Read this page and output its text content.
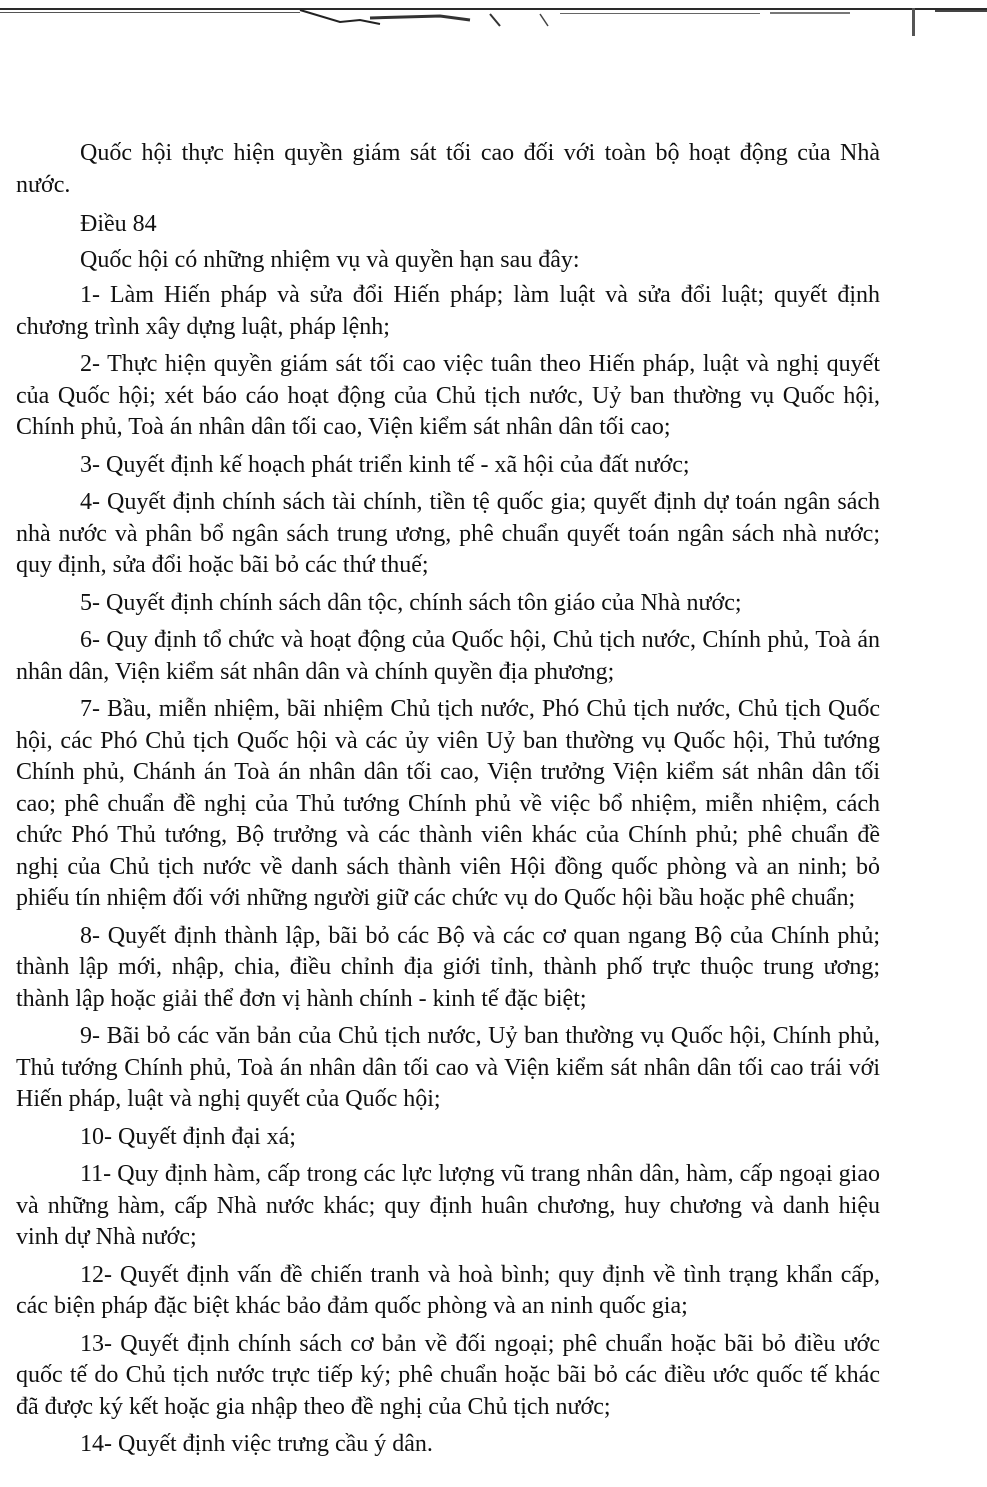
Quốc hội thực hiện quyền giám sát tối cao đối với toàn bộ hoạt động của Nhà nước.

Điều 84

Quốc hội có những nhiệm vụ và quyền hạn sau đây:

1- Làm Hiến pháp và sửa đổi Hiến pháp; làm luật và sửa đổi luật; quyết định chương trình xây dựng luật, pháp lệnh;

2- Thực hiện quyền giám sát tối cao việc tuân theo Hiến pháp, luật và nghị quyết của Quốc hội; xét báo cáo hoạt động của Chủ tịch nước, Uỷ ban thường vụ Quốc hội, Chính phủ, Toà án nhân dân tối cao, Viện kiểm sát nhân dân tối cao;

3- Quyết định kế hoạch phát triển kinh tế - xã hội của đất nước;

4- Quyết định chính sách tài chính, tiền tệ quốc gia; quyết định dự toán ngân sách nhà nước và phân bổ ngân sách trung ương, phê chuẩn quyết toán ngân sách nhà nước; quy định, sửa đổi hoặc bãi bỏ các thứ thuế;

5- Quyết định chính sách dân tộc, chính sách tôn giáo của Nhà nước;

6- Quy định tổ chức và hoạt động của Quốc hội, Chủ tịch nước, Chính phủ, Toà án nhân dân, Viện kiểm sát nhân dân và chính quyền địa phương;

7- Bầu, miễn nhiệm, bãi nhiệm Chủ tịch nước, Phó Chủ tịch nước, Chủ tịch Quốc hội, các Phó Chủ tịch Quốc hội và các ủy viên Uỷ ban thường vụ Quốc hội, Thủ tướng Chính phủ, Chánh án Toà án nhân dân tối cao, Viện trưởng Viện kiểm sát nhân dân tối cao; phê chuẩn đề nghị của Thủ tướng Chính phủ về việc bổ nhiệm, miễn nhiệm, cách chức Phó Thủ tướng, Bộ trưởng và các thành viên khác của Chính phủ; phê chuẩn đề nghị của Chủ tịch nước về danh sách thành viên Hội đồng quốc phòng và an ninh; bỏ phiếu tín nhiệm đối với những người giữ các chức vụ do Quốc hội bầu hoặc phê chuẩn;

8- Quyết định thành lập, bãi bỏ các Bộ và các cơ quan ngang Bộ của Chính phủ; thành lập mới, nhập, chia, điều chỉnh địa giới tỉnh, thành phố trực thuộc trung ương; thành lập hoặc giải thể đơn vị hành chính - kinh tế đặc biệt;

9- Bãi bỏ các văn bản của Chủ tịch nước, Uỷ ban thường vụ Quốc hội, Chính phủ, Thủ tướng Chính phủ, Toà án nhân dân tối cao và Viện kiểm sát nhân dân tối cao trái với Hiến pháp, luật và nghị quyết của Quốc hội;

10- Quyết định đại xá;

11- Quy định hàm, cấp trong các lực lượng vũ trang nhân dân, hàm, cấp ngoại giao và những hàm, cấp Nhà nước khác; quy định huân chương, huy chương và danh hiệu vinh dự Nhà nước;

12- Quyết định vấn đề chiến tranh và hoà bình; quy định về tình trạng khẩn cấp, các biện pháp đặc biệt khác bảo đảm quốc phòng và an ninh quốc gia;

13- Quyết định chính sách cơ bản về đối ngoại; phê chuẩn hoặc bãi bỏ điều ước quốc tế do Chủ tịch nước trực tiếp ký; phê chuẩn hoặc bãi bỏ các điều ước quốc tế khác đã được ký kết hoặc gia nhập theo đề nghị của Chủ tịch nước;

14- Quyết định việc trưng cầu ý dân.
